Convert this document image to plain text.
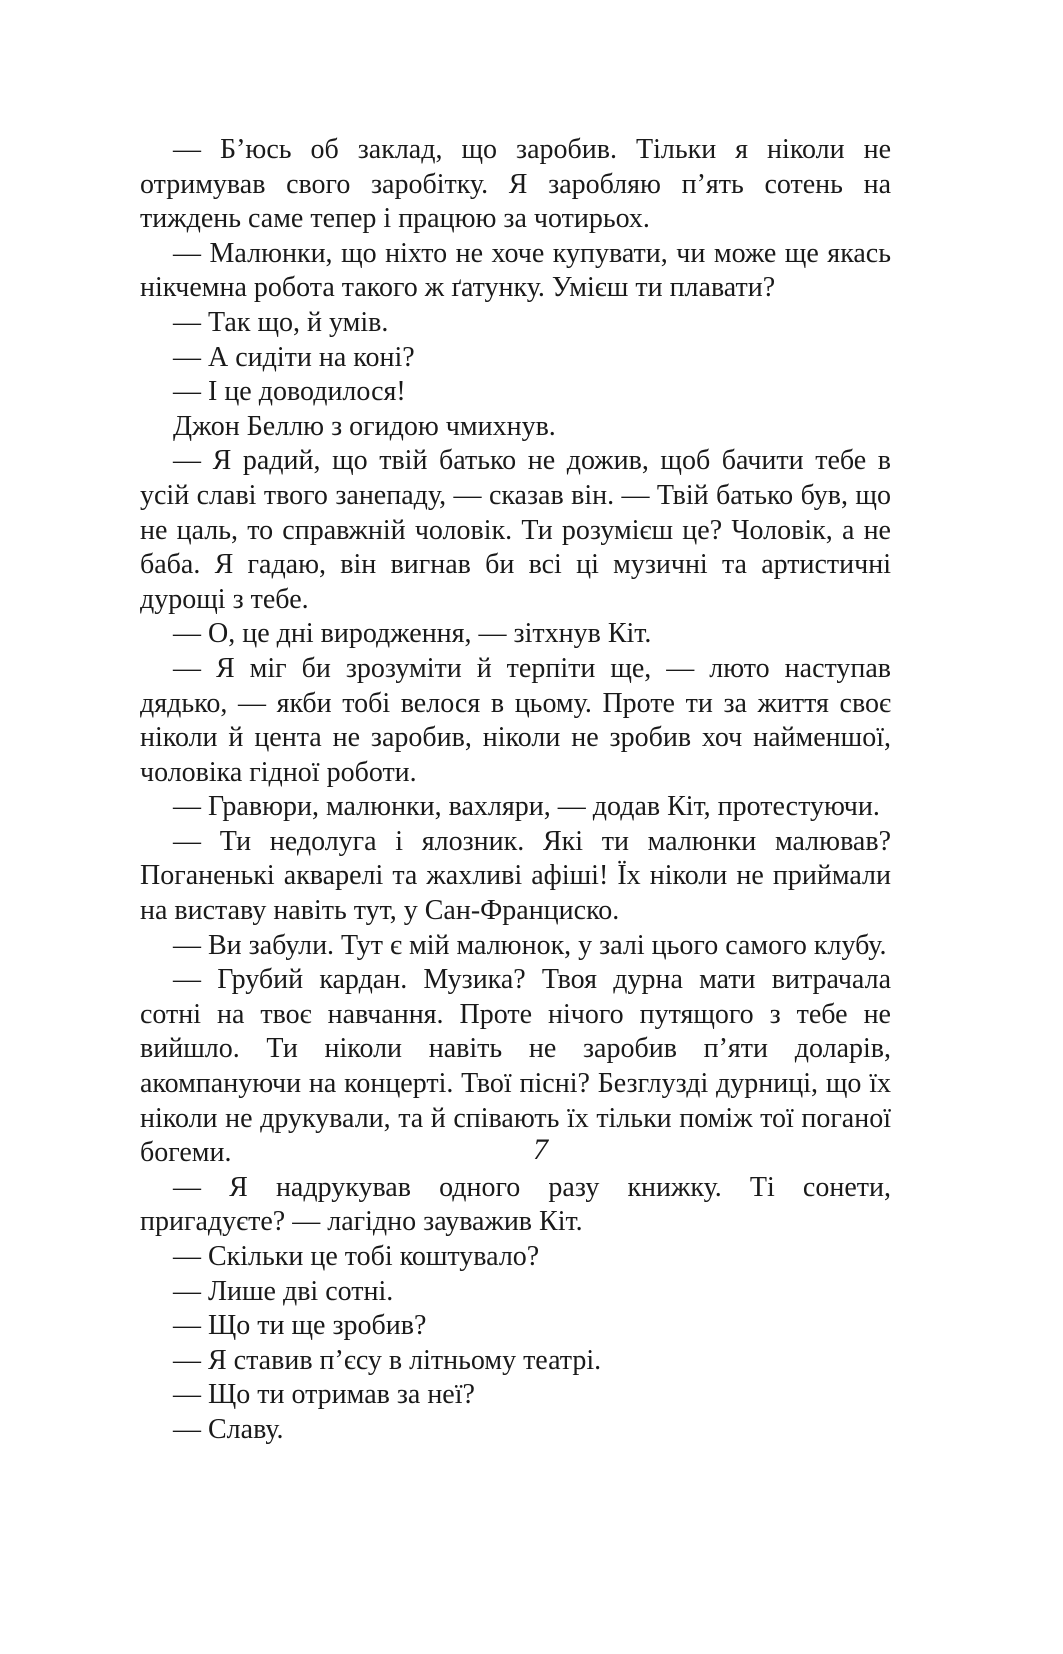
— Б’юсь об заклад, що заробив. Тільки я ніколи не отримував свого заробітку. Я заробляю п’ять сотень на тиждень саме тепер і працюю за чотирьох.

— Малюнки, що ніхто не хоче купувати, чи може ще якась нікчемна робота такого ж ґатунку. Умієш ти плавати?

— Так що, й умів.

— А сидіти на коні?

— І це доводилося!

Джон Беллю з огидою чмихнув.

— Я радий, що твій батько не дожив, щоб бачити тебе в усій славі твого занепаду, — сказав він. — Твій батько був, що не цаль, то справжній чоловік. Ти розумієш це? Чоловік, а не баба. Я гадаю, він вигнав би всі ці музичні та артистичні дурощі з тебе.

— О, це дні виродження, — зітхнув Кіт.

— Я міг би зрозуміти й терпіти ще, — люто наступав дядько, — якби тобі велося в цьому. Проте ти за життя своє ніколи й цента не заробив, ніколи не зробив хоч найменшої, чоловіка гідної роботи.

— Гравюри, малюнки, вахляри, — додав Кіт, протестуючи.

— Ти недолуга і ялозник. Які ти малюнки малював? Поганенькі акварелі та жахливі афіші! Їх ніколи не приймали на виставу навіть тут, у Сан-Франциско.

— Ви забули. Тут є мій малюнок, у залі цього самого клубу.

— Грубий кардан. Музика? Твоя дурна мати витрачала сотні на твоє навчання. Проте нічого путящого з тебе не вийшло. Ти ніколи навіть не заробив п’яти доларів, акомпануючи на концерті. Твої пісні? Безглузді дурниці, що їх ніколи не друкували, та й співають їх тільки поміж тої поганої богеми.

— Я надрукував одного разу книжку. Ті сонети, пригадуєте? — лагідно зауважив Кіт.

— Скільки це тобі коштувало?

— Лише дві сотні.

— Що ти ще зробив?

— Я ставив п’єсу в літньому театрі.

— Що ти отримав за неї?

— Славу.

7
